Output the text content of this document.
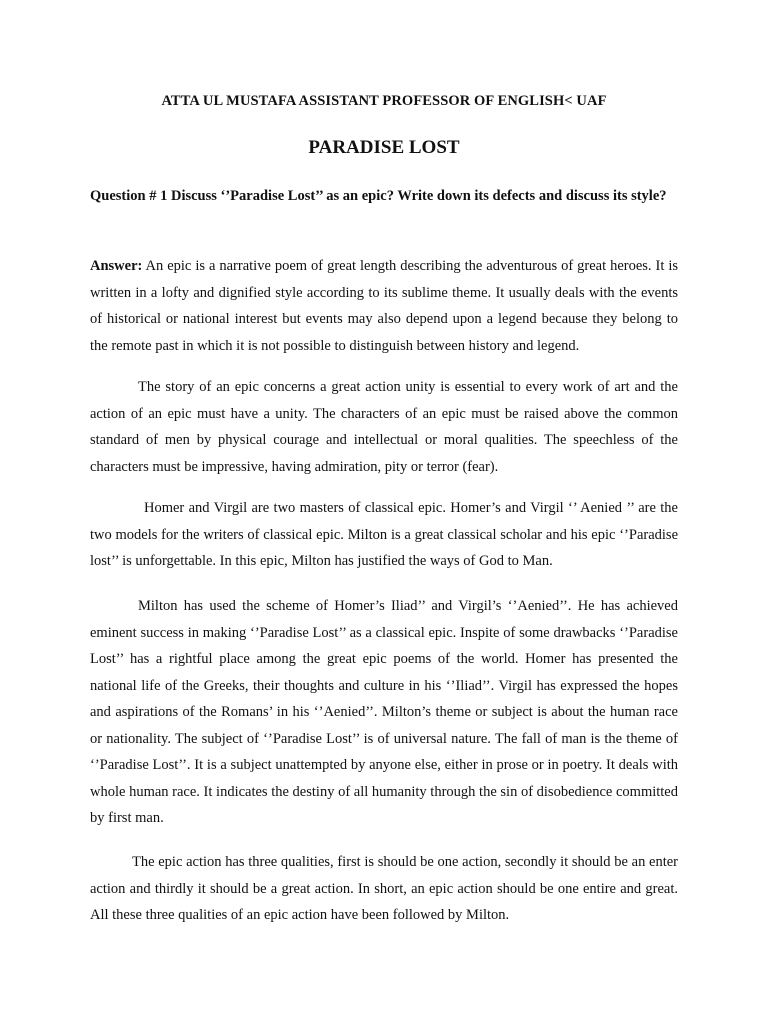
ATTA UL MUSTAFA ASSISTANT PROFESSOR OF ENGLISH< UAF
PARADISE LOST
Question # 1 Discuss ‘’Paradise Lost’’ as an epic? Write down its defects and discuss its style?
Answer: An epic is a narrative poem of great length describing the adventurous of great heroes. It is written in a lofty and dignified style according to its sublime theme. It usually deals with the events of historical or national interest but events may also depend upon a legend because they belong to the remote past in which it is not possible to distinguish between history and legend.
The story of an epic concerns a great action unity is essential to every work of art and the action of an epic must have a unity. The characters of an epic must be raised above the common standard of men by physical courage and intellectual or moral qualities. The speechless of the characters must be impressive, having admiration, pity or terror (fear).
Homer and Virgil are two masters of classical epic. Homer’s and Virgil ‘’ Aenied ’’ are the two models for the writers of classical epic. Milton is a great classical scholar and his epic ‘’Paradise lost’’ is unforgettable. In this epic, Milton has justified the ways of God to Man.
Milton has used the scheme of Homer’s Iliad’’ and Virgil’s ‘’Aenied’’. He has achieved eminent success in making ‘’Paradise Lost’’ as a classical epic. Inspite of some drawbacks ‘’Paradise Lost’’ has a rightful place among the great epic poems of the world. Homer has presented the national life of the Greeks, their thoughts and culture in his ‘’Iliad’’. Virgil has expressed the hopes and aspirations of the Romans’ in his ‘’Aenied’’. Milton’s theme or subject is about the human race or nationality. The subject of ‘’Paradise Lost’’ is of universal nature. The fall of man is the theme of ‘’Paradise Lost’’. It is a subject unattempted by anyone else, either in prose or in poetry. It deals with whole human race. It indicates the destiny of all humanity through the sin of disobedience committed by first man.
The epic action has three qualities, first is should be one action, secondly it should be an enter action and thirdly it should be a great action. In short, an epic action should be one entire and great. All these three qualities of an epic action have been followed by Milton.
